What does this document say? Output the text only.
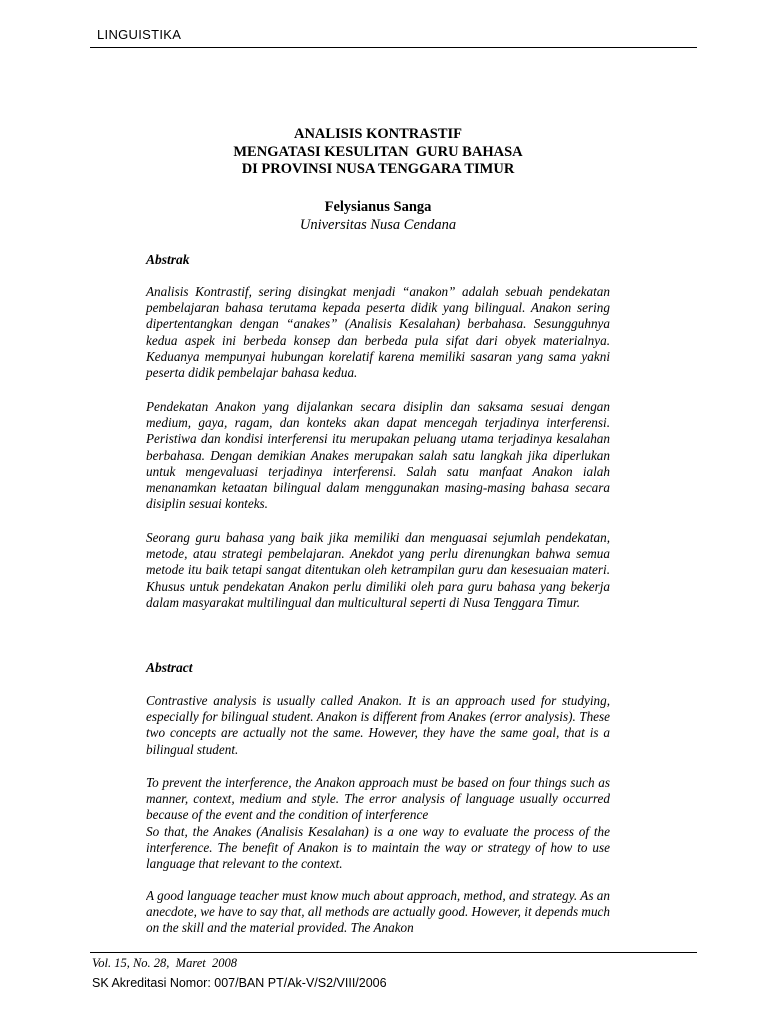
LINGUISTIKA
ANALISIS KONTRASTIF
MENGATASI KESULITAN  GURU BAHASA
DI PROVINSI NUSA TENGGARA TIMUR
Felysianus Sanga
Universitas Nusa Cendana
Abstrak

Analisis Kontrastif, sering disingkat menjadi “anakon” adalah sebuah pendekatan pembelajaran bahasa terutama kepada peserta didik yang bilingual. Anakon sering dipertentangkan dengan “anakes” (Analisis Kesalahan) berbahasa. Sesungguhnya kedua aspek ini berbeda konsep dan berbeda pula sifat dari obyek materialnya. Keduanya mempunyai hubungan korelatif karena memiliki sasaran yang sama yakni peserta didik pembelajar bahasa kedua.

Pendekatan Anakon yang dijalankan secara disiplin dan saksama sesuai dengan medium, gaya, ragam, dan konteks akan dapat mencegah terjadinya interferensi. Peristiwa dan kondisi interferensi itu merupakan peluang utama terjadinya kesalahan berbahasa. Dengan demikian Anakes merupakan salah satu langkah jika diperlukan untuk mengevaluasi terjadinya interferensi. Salah satu manfaat Anakon ialah menanamkan ketaatan bilingual dalam menggunakan masing-masing bahasa secara disiplin sesuai konteks.

Seorang guru bahasa yang baik jika memiliki dan menguasai sejumlah pendekatan, metode, atau strategi pembelajaran. Anekdot yang perlu direnungkan bahwa semua metode itu baik tetapi sangat ditentukan oleh ketrampilan guru dan kesesuaian materi. Khusus untuk pendekatan Anakon perlu dimiliki oleh para guru bahasa yang bekerja dalam masyarakat multilingual dan multicultural seperti di Nusa Tenggara Timur.

Abstract

Contrastive analysis is usually called Anakon. It is an approach used for studying, especially for bilingual student. Anakon is different from Anakes (error analysis). These two concepts are actually not the same. However, they have the same goal, that is a bilingual student.

To prevent the interference, the Anakon approach must be based on four things such as manner, context, medium and style. The error analysis of language usually occurred because of the event and the condition of interference
So that, the Anakes (Analisis Kesalahan) is a one way to evaluate the process of the interference. The benefit of Anakon is to maintain the way or strategy of how to use language that relevant to the context.

A good language teacher must know much about approach, method, and strategy. As an anecdote, we have to say that, all methods are actually good. However, it depends much on the skill and the material provided. The Anakon

Vol. 15, No. 28,  Maret  2008
SK Akreditasi Nomor: 007/BAN PT/Ak-V/S2/VIII/2006
